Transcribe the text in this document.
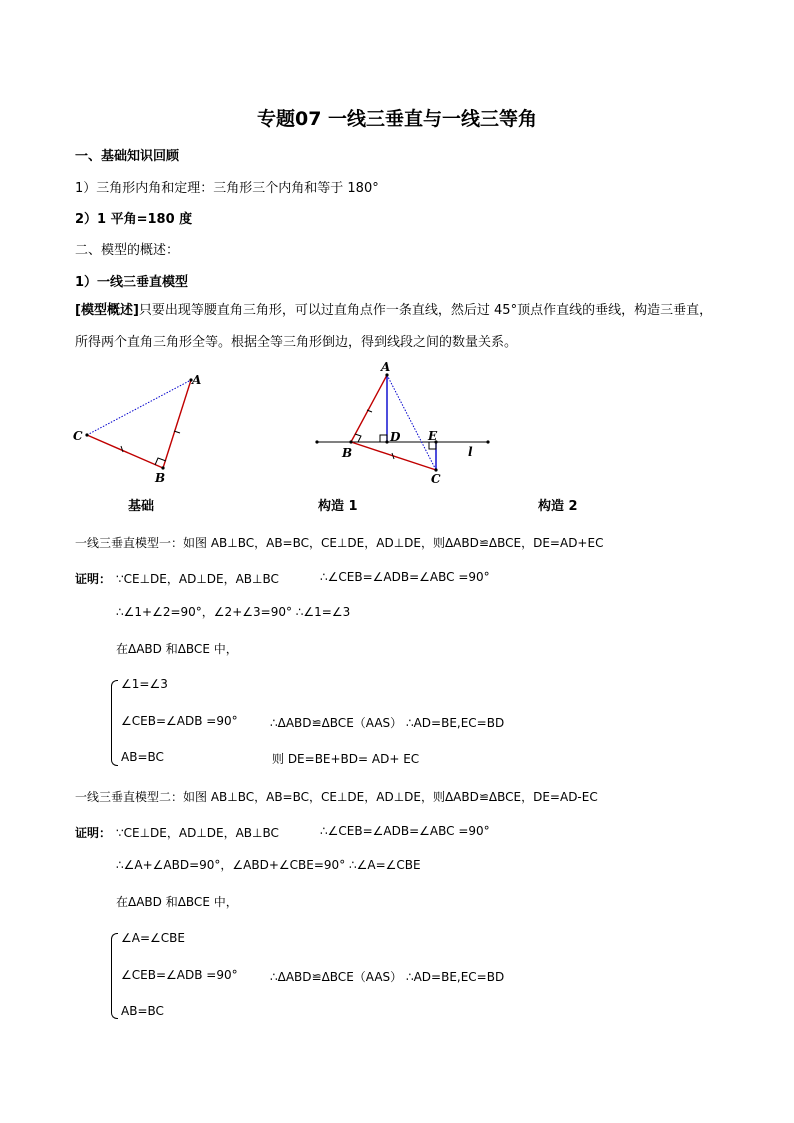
专题07 一线三垂直与一线三等角
一、基础知识回顾
1）三角形内角和定理：三角形三个内角和等于 180°
2）1 平角=180 度
二、模型的概述：
1）一线三垂直模型
[模型概述]只要出现等腰直角三角形，可以过直角点作一条直线，然后过 45°顶点作直线的垂线，构造三垂直，所得两个直角三角形全等。根据全等三角形倒边，得到线段之间的数量关系。
A
C
B
A
D E
B
C
l
基础	构造 1	构造 2
一线三垂直模型一：如图 AB⊥BC，AB=BC，CE⊥DE，AD⊥DE，则ΔABD≌ΔBCE，DE=AD+EC
证明： ∵CE⊥DE，AD⊥DE，AB⊥BC	∴∠CEB=∠ADB=∠ABC =90°
∴∠1+∠2=90°，∠2+∠3=90° ∴∠1=∠3
在ΔABD 和ΔBCE 中，
∠1=∠3
∠CEB=∠ADB =90°	∴ΔABD≌ΔBCE（AAS） ∴AD=BE,EC=BD
AB=BC	则 DE=BE+BD= AD+ EC
一线三垂直模型二：如图 AB⊥BC，AB=BC，CE⊥DE，AD⊥DE，则ΔABD≌ΔBCE，DE=AD-EC
证明： ∵CE⊥DE，AD⊥DE，AB⊥BC	∴∠CEB=∠ADB=∠ABC =90°
∴∠A+∠ABD=90°，∠ABD+∠CBE=90° ∴∠A=∠CBE
在ΔABD 和ΔBCE 中，
∠A=∠CBE
∠CEB=∠ADB =90°	∴ΔABD≌ΔBCE（AAS） ∴AD=BE,EC=BD
AB=BC
